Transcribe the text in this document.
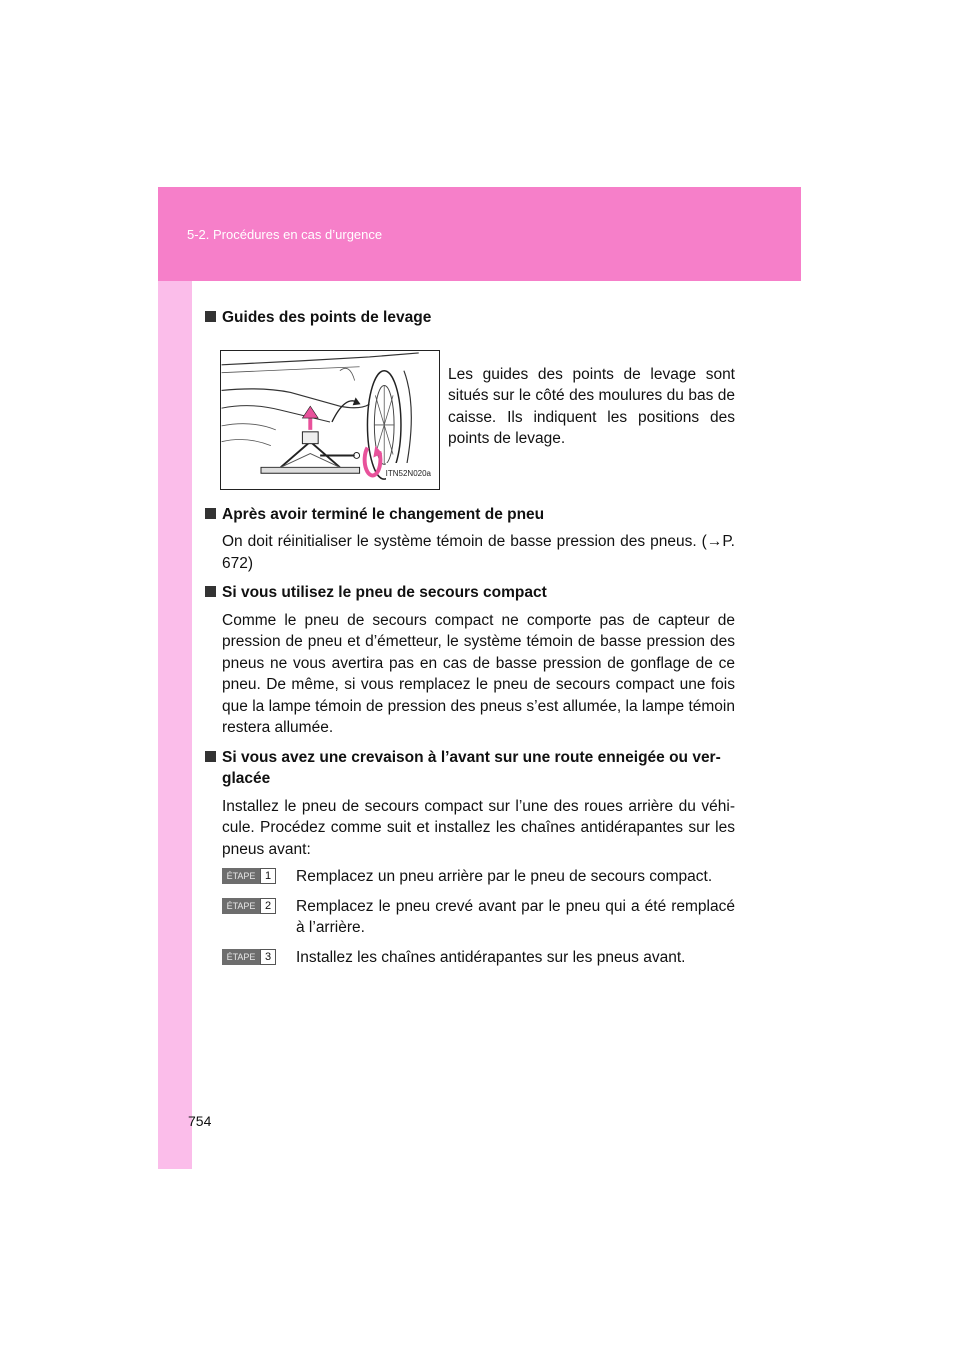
5-2. Procédures en cas d’urgence

Guides des points de levage

ITN52N020a
Les guides des points de levage sont situés sur le côté des moulures du bas de caisse. Ils indiquent les positions des points de levage.

Après avoir terminé le changement de pneu

On doit réinitialiser le système témoin de basse pression des pneus. (→P. 672)

Si vous utilisez le pneu de secours compact

Comme le pneu de secours compact ne comporte pas de capteur de pression de pneu et d’émetteur, le système témoin de basse pression des pneus ne vous avertira pas en cas de basse pression de gonflage de ce pneu. De même, si vous remplacez le pneu de secours compact une fois que la lampe témoin de pression des pneus s’est allumée, la lampe témoin restera allumée.

Si vous avez une crevaison à l’avant sur une route enneigée ou ver-glacée

Installez le pneu de secours compact sur l’une des roues arrière du véhi-cule. Procédez comme suit et installez les chaînes antidérapantes sur les pneus avant:

ÉTAPE 1	Remplacez un pneu arrière par le pneu de secours compact.
ÉTAPE 2	Remplacez le pneu crevé avant par le pneu qui a été remplacé à l’arrière.
ÉTAPE 3	Installez les chaînes antidérapantes sur les pneus avant.
754
